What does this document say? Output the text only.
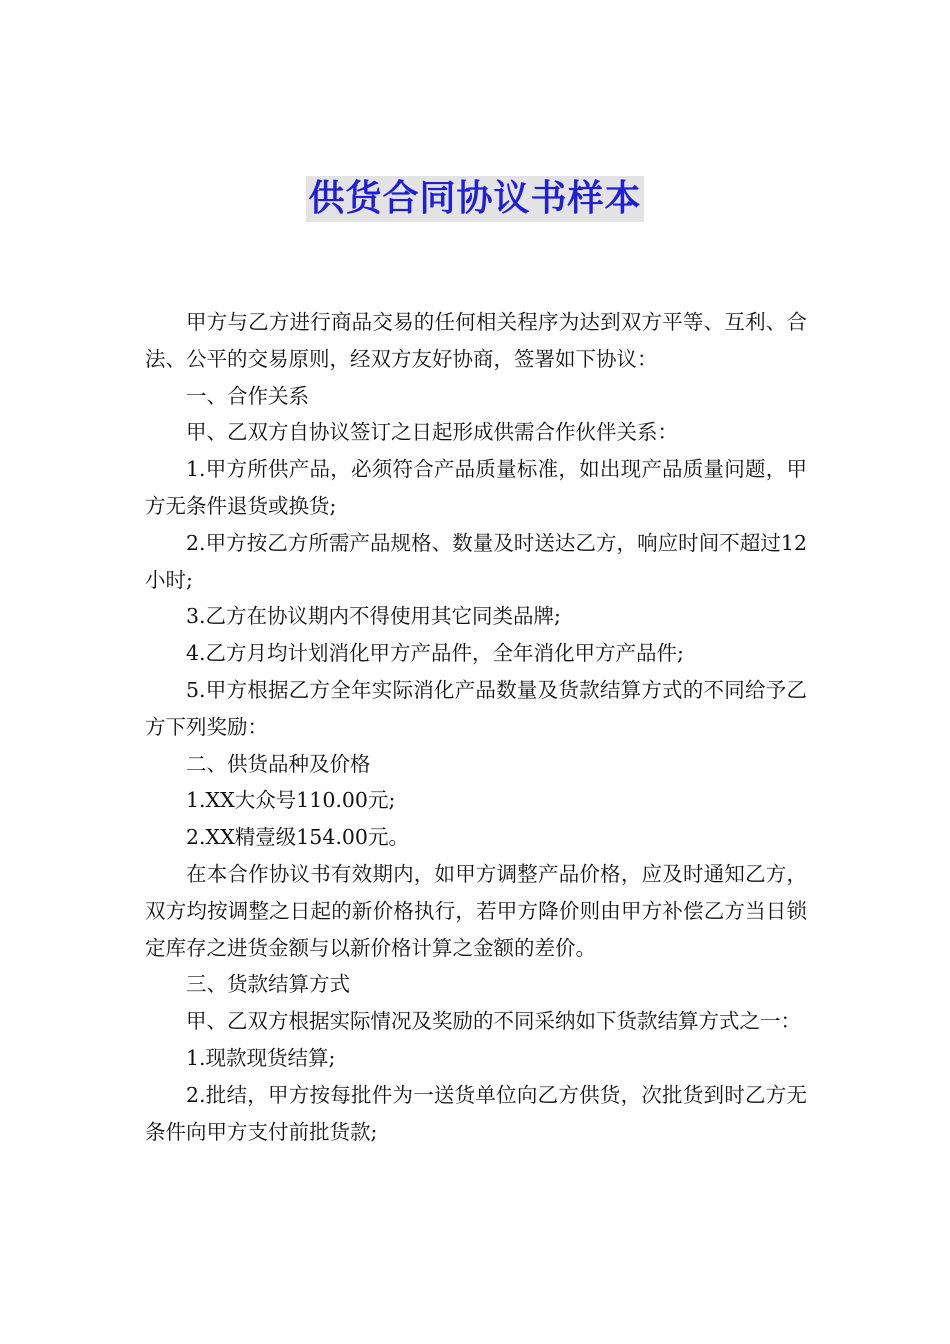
供货合同协议书样本

甲方与乙方进行商品交易的任何相关程序为达到双方平等、互利、合法、公平的交易原则，经双方友好协商，签署如下协议：

一、合作关系

甲、乙双方自协议签订之日起形成供需合作伙伴关系：

1.甲方所供产品，必须符合产品质量标准，如出现产品质量问题，甲方无条件退货或换货;

2.甲方按乙方所需产品规格、数量及时送达乙方，响应时间不超过12小时;

3.乙方在协议期内不得使用其它同类品牌;

4.乙方月均计划消化甲方产品件，全年消化甲方产品件;

5.甲方根据乙方全年实际消化产品数量及货款结算方式的不同给予乙方下列奖励：

二、供货品种及价格

1.XX大众号110.00元;

2.XX精壹级154.00元。

在本合作协议书有效期内，如甲方调整产品价格，应及时通知乙方，双方均按调整之日起的新价格执行，若甲方降价则由甲方补偿乙方当日锁定库存之进货金额与以新价格计算之金额的差价。

三、货款结算方式

甲、乙双方根据实际情况及奖励的不同采纳如下货款结算方式之一：

1.现款现货结算;

2.批结，甲方按每批件为一送货单位向乙方供货，次批货到时乙方无条件向甲方支付前批货款;
